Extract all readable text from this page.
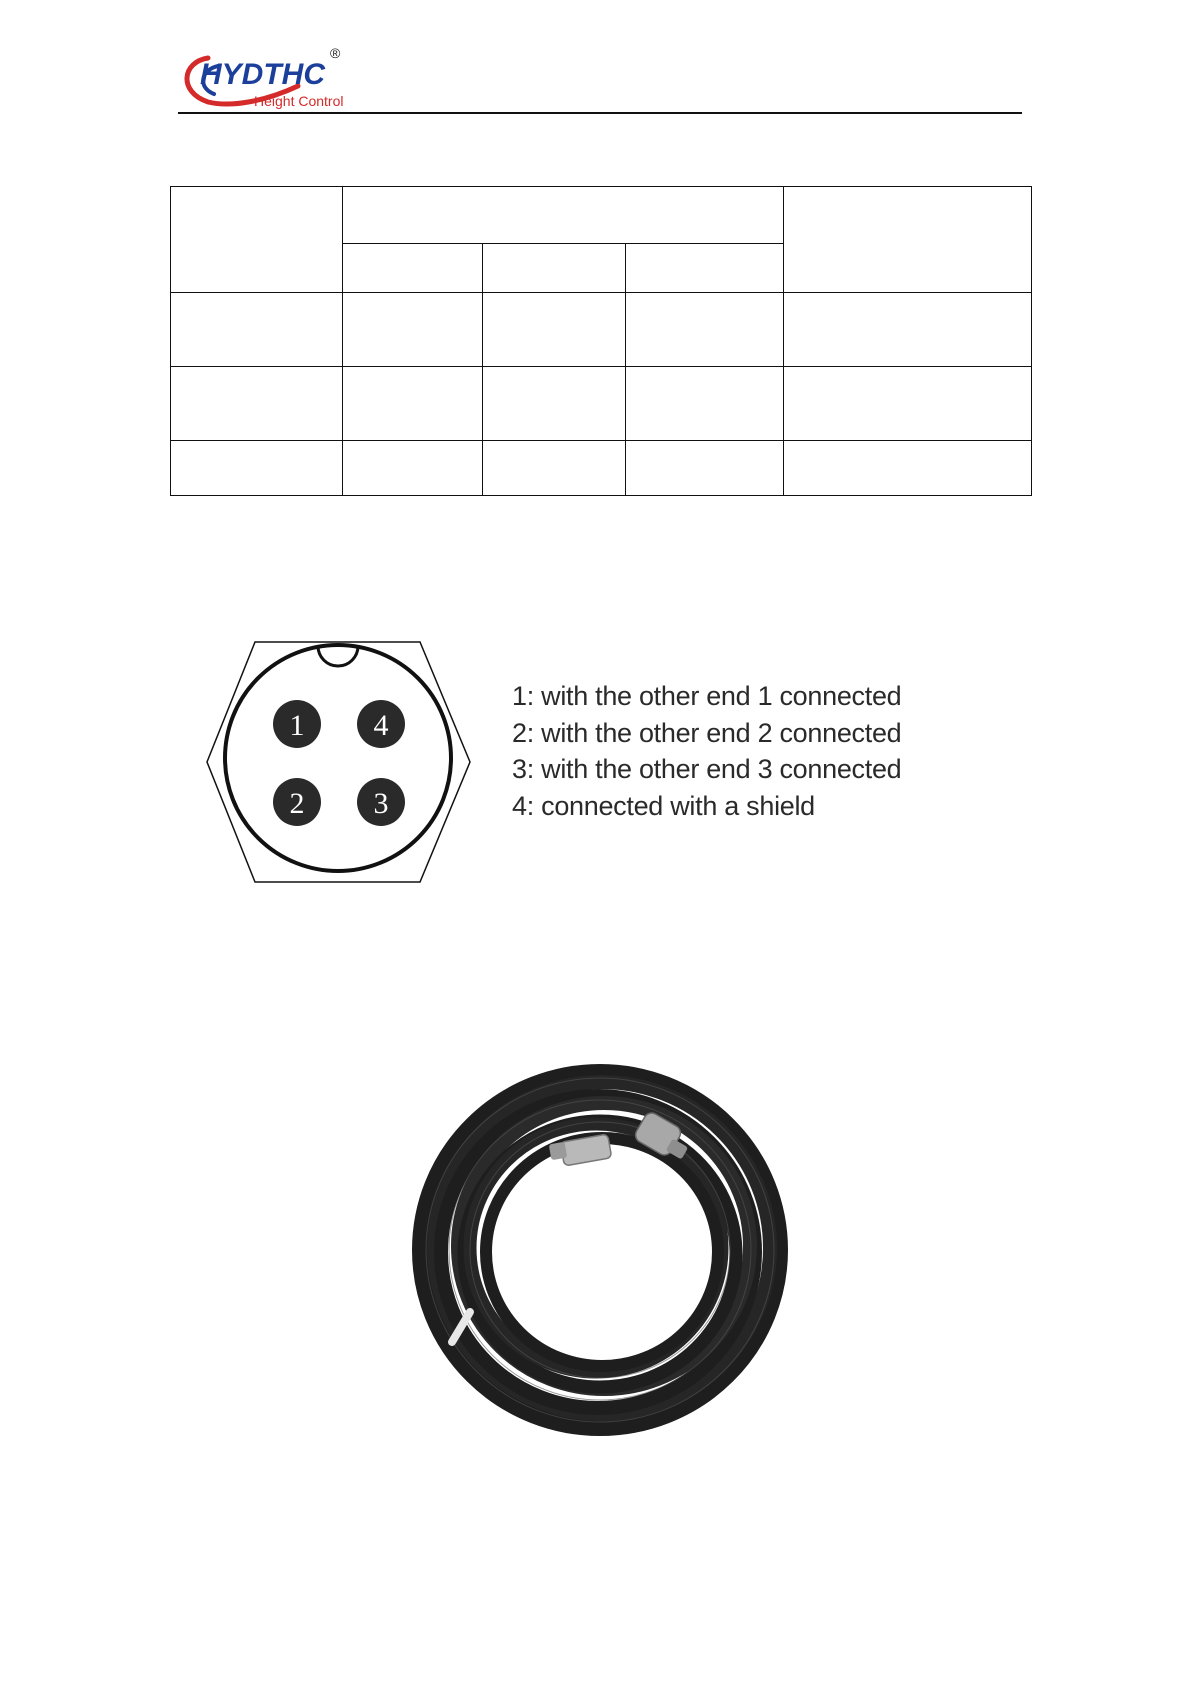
HYDTHC
Height Control
®

1 4
2 3
1: with the other end 1 connected
2: with the other end 2 connected
3: with the other end 3 connected
4: connected with a shield
